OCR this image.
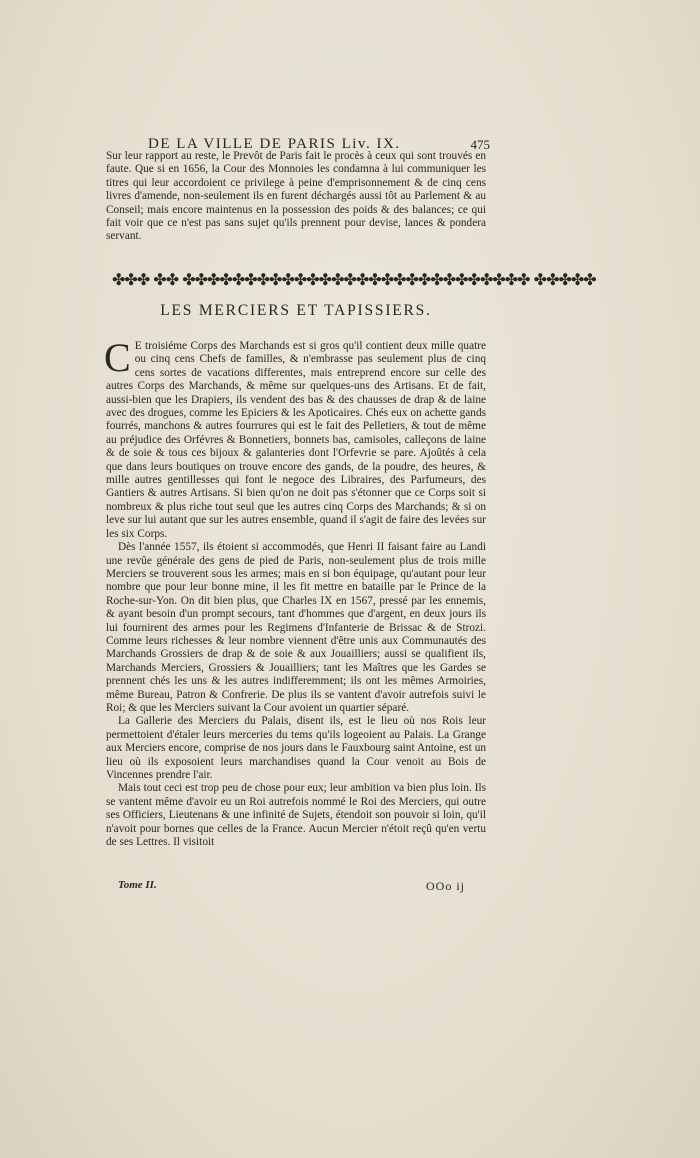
DE LA VILLE DE PARIS Liv. IX.	475

Sur leur rapport au reste, le Prevôt de Paris fait le procès à ceux qui sont trouvés en faute. Que si en 1656, la Cour des Monnoies les condamna à lui communiquer les titres qui leur accordoient ce privilege à peine d'emprisonnement & de cinq cens livres d'amende, non-seulement ils en furent déchargés aussi tôt au Parlement & au Conseil; mais encore maintenus en la possession des poids & des balances; ce qui fait voir que ce n'est pas sans sujet qu'ils prennent pour devise, lances & pondera servant.

✤✤✤ ✤✤ ✤✤✤✤✤✤✤✤✤✤✤✤✤✤✤✤✤✤✤✤✤✤✤✤✤✤✤✤ ✤✤✤✤✤
LES MERCIERS ET TAPISSIERS.

C E troisiéme Corps des Marchands est si gros qu'il contient deux mille quatre ou cinq cens Chefs de familles, & n'embrasse pas seulement plus de cinq cens sortes de vacations differentes, mais entreprend encore sur celle des autres Corps des Marchands, & même sur quelques-uns des Artisans. Et de fait, aussi-bien que les Drapiers, ils vendent des bas & des chausses de drap & de laine avec des drogues, comme les Epiciers & les Apoticaires. Chés eux on achette gands fourrés, manchons & autres fourrures qui est le fait des Pelletiers, & tout de même au préjudice des Orfévres & Bonnetiers, bonnets bas, camisoles, calleçons de laine & de soie & tous ces bijoux & galanteries dont l'Orfevrie se pare. Ajoûtés à cela que dans leurs boutiques on trouve encore des gands, de la poudre, des heures, & mille autres gentillesses qui font le negoce des Libraires, des Parfumeurs, des Gantiers & autres Artisans. Si bien qu'on ne doit pas s'étonner que ce Corps soit si nombreux & plus riche tout seul que les autres cinq Corps des Marchands; & si on leve sur lui autant que sur les autres ensemble, quand il s'agit de faire des levées sur les six Corps.

Dès l'année 1557, ils étoient si accommodés, que Henri II faisant faire au Landi une revûe générale des gens de pied de Paris, non-seulement plus de trois mille Merciers se trouverent sous les armes; mais en si bon équipage, qu'autant pour leur nombre que pour leur bonne mine, il les fit mettre en bataille par le Prince de la Roche-sur-Yon. On dit bien plus, que Charles IX en 1567, pressé par les ennemis, & ayant besoin d'un prompt secours, tant d'hommes que d'argent, en deux jours ils lui fournirent des armes pour les Regimens d'Infanterie de Brissac & de Strozi. Comme leurs richesses & leur nombre viennent d'être unis aux Communautés des Marchands Grossiers de drap & de soie & aux Jouailliers; aussi se qualifient ils, Marchands Merciers, Grossiers & Jouailliers; tant les Maîtres que les Gardes se prennent chés les uns & les autres indifferemment; ils ont les mêmes Armoiries, même Bureau, Patron & Confrerie. De plus ils se vantent d'avoir autrefois suivi le Roi; & que les Merciers suivant la Cour avoient un quartier séparé.

La Gallerie des Merciers du Palais, disent ils, est le lieu où nos Rois leur permettoient d'étaler leurs merceries du tems qu'ils logeoient au Palais. La Grange aux Merciers encore, comprise de nos jours dans le Fauxbourg saint Antoine, est un lieu où ils exposoient leurs marchandises quand la Cour venoit au Bois de Vincennes prendre l'air.

Mais tout ceci est trop peu de chose pour eux; leur ambition va bien plus loin. Ils se vantent même d'avoir eu un Roi autrefois nommé le Roi des Merciers, qui outre ses Officiers, Lieutenans & une infinité de Sujets, étendoit son pouvoir si loin, qu'il n'avoit pour bornes que celles de la France. Aucun Mercier n'étoit reçû qu'en vertu de ses Lettres. Il visitoit

Tome II.	OOo ij
